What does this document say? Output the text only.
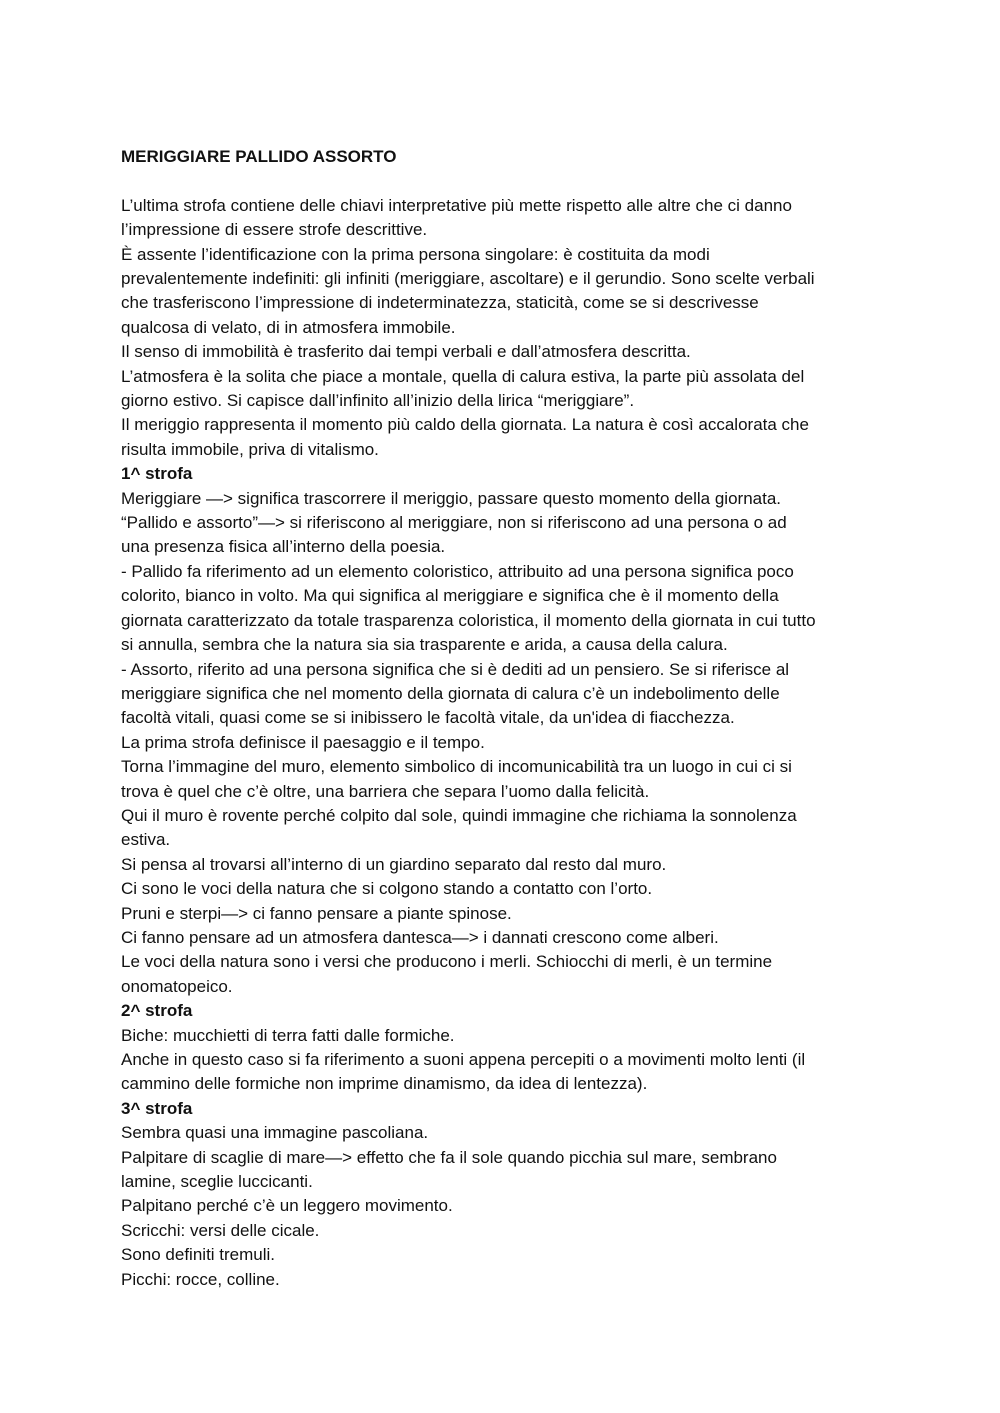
MERIGGIARE PALLIDO ASSORTO
L’ultima strofa contiene delle chiavi interpretative più mette rispetto alle altre che ci danno
l’impressione di essere strofe descrittive.
È assente l’identificazione con la prima persona singolare: è costituita da modi
prevalentemente indefiniti: gli infiniti (meriggiare, ascoltare) e il gerundio. Sono scelte verbali
che trasferiscono l’impressione di indeterminatezza, staticità, come se si descrivesse
qualcosa di velato, di in atmosfera immobile.
Il senso di immobilità è trasferito dai tempi verbali e dall’atmosfera descritta.
L’atmosfera è la solita che piace a montale, quella di calura estiva, la parte più assolata del
giorno estivo. Si capisce dall’infinito all’inizio della lirica “meriggiare”.
Il meriggio rappresenta il momento più caldo della giornata. La natura è così accalorata che
risulta immobile, priva di vitalismo.
1^ strofa
Meriggiare —> significa trascorrere il meriggio, passare questo momento della giornata.
“Pallido e assorto”—> si riferiscono al meriggiare, non si riferiscono ad una persona o ad
una presenza fisica all’interno della poesia.
- Pallido fa riferimento ad un elemento coloristico, attribuito ad una persona significa poco
colorito, bianco in volto. Ma qui significa al meriggiare e significa che è il momento della
giornata caratterizzato da totale trasparenza coloristica, il momento della giornata in cui tutto
si annulla, sembra che la natura sia sia trasparente e arida, a causa della calura.
- Assorto, riferito ad una persona significa che si è dediti ad un pensiero. Se si riferisce al
meriggiare significa che nel momento della giornata di calura c’è un indebolimento delle
facoltà vitali, quasi come se si inibissero le facoltà vitale, da un'idea di fiacchezza.
La prima strofa definisce il paesaggio e il tempo.
Torna l’immagine del muro, elemento simbolico di incomunicabilità tra un luogo in cui ci si
trova è quel che c’è oltre, una barriera che separa l’uomo dalla felicità.
Qui il muro è rovente perché colpito dal sole, quindi immagine che richiama la sonnolenza
estiva.
Si pensa al trovarsi all’interno di un giardino separato dal resto dal muro.
Ci sono le voci della natura che si colgono stando a contatto con l’orto.
Pruni e sterpi—> ci fanno pensare a piante spinose.
Ci fanno pensare ad un atmosfera dantesca—> i dannati crescono come alberi.
Le voci della natura sono i versi che producono i merli. Schiocchi di merli, è un termine
onomatopeico.
2^ strofa
Biche: mucchietti di terra fatti dalle formiche.
Anche in questo caso si fa riferimento a suoni appena percepiti o a movimenti molto lenti (il
cammino delle formiche non imprime dinamismo, da idea di lentezza).
3^ strofa
Sembra quasi una immagine pascoliana.
Palpitare di scaglie di mare—> effetto che fa il sole quando picchia sul mare, sembrano
lamine, sceglie luccicanti.
Palpitano perché c’è un leggero movimento.
Scricchi: versi delle cicale.
Sono definiti tremuli.
Picchi: rocce, colline.
